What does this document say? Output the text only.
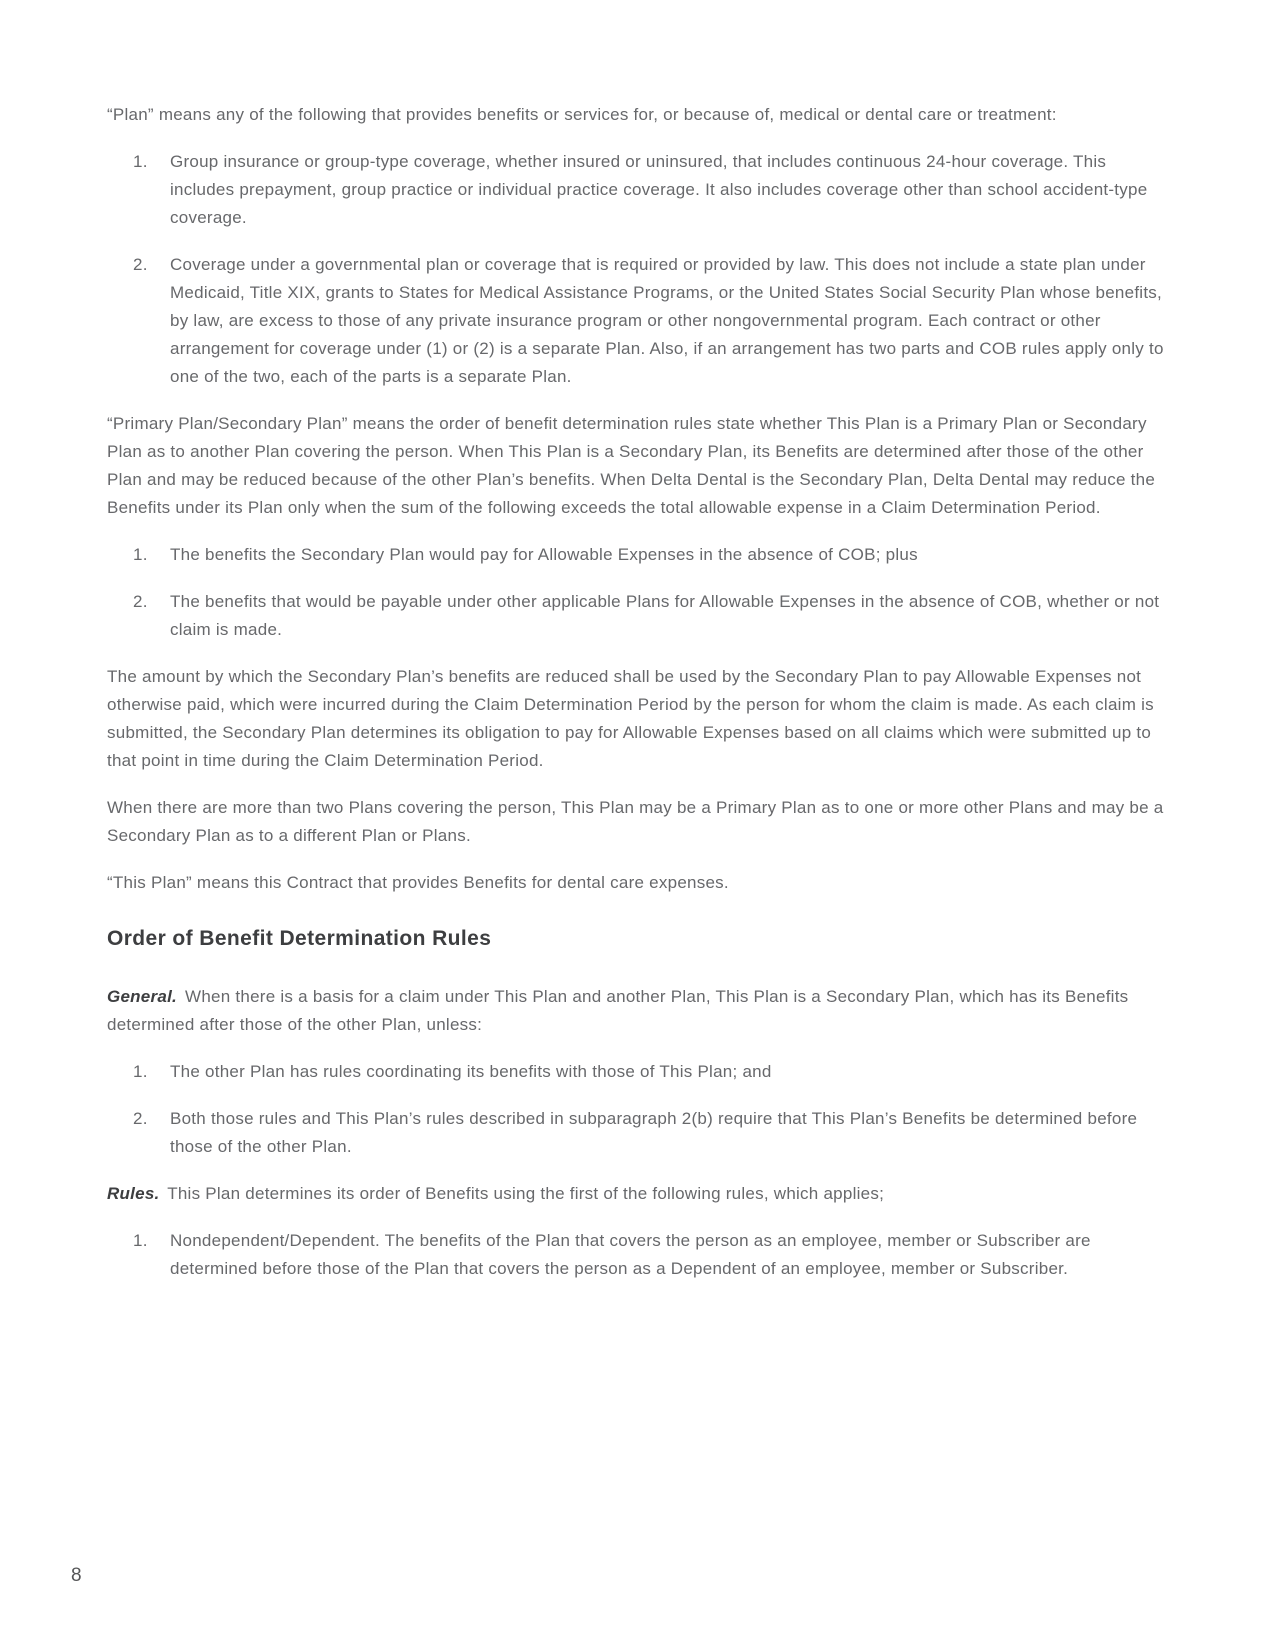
“Plan” means any of the following that provides benefits or services for, or because of, medical or dental care or treatment:

1.	Group insurance or group-type coverage, whether insured or uninsured, that includes continuous 24-hour coverage. This includes prepayment, group practice or individual practice coverage. It also includes coverage other than school accident-type coverage.
2.	Coverage under a governmental plan or coverage that is required or provided by law. This does not include a state plan under Medicaid, Title XIX, grants to States for Medical Assistance Programs, or the United States Social Security Plan whose benefits, by law, are excess to those of any private insurance program or other nongovernmental program. Each contract or other arrangement for coverage under (1) or (2) is a separate Plan. Also, if an arrangement has two parts and COB rules apply only to one of the two, each of the parts is a separate Plan.

“Primary Plan/Secondary Plan” means the order of benefit determination rules state whether This Plan is a Primary Plan or Secondary Plan as to another Plan covering the person. When This Plan is a Secondary Plan, its Benefits are determined after those of the other Plan and may be reduced because of the other Plan’s benefits. When Delta Dental is the Secondary Plan, Delta Dental may reduce the Benefits under its Plan only when the sum of the following exceeds the total allowable expense in a Claim Determination Period.

1.	The benefits the Secondary Plan would pay for Allowable Expenses in the absence of COB; plus
2.	The benefits that would be payable under other applicable Plans for Allowable Expenses in the absence of COB, whether or not claim is made.

The amount by which the Secondary Plan’s benefits are reduced shall be used by the Secondary Plan to pay Allowable Expenses not otherwise paid, which were incurred during the Claim Determination Period by the person for whom the claim is made. As each claim is submitted, the Secondary Plan determines its obligation to pay for Allowable Expenses based on all claims which were submitted up to that point in time during the Claim Determination Period.

When there are more than two Plans covering the person, This Plan may be a Primary Plan as to one or more other Plans and may be a Secondary Plan as to a different Plan or Plans.

“This Plan” means this Contract that provides Benefits for dental care expenses.

Order of Benefit Determination Rules

General. When there is a basis for a claim under This Plan and another Plan, This Plan is a Secondary Plan, which has its Benefits determined after those of the other Plan, unless:

1.	The other Plan has rules coordinating its benefits with those of This Plan; and
2.	Both those rules and This Plan’s rules described in subparagraph 2(b) require that This Plan’s Benefits be determined before those of the other Plan.

Rules. This Plan determines its order of Benefits using the first of the following rules, which applies;

1.	Nondependent/Dependent. The benefits of the Plan that covers the person as an employee, member or Subscriber are determined before those of the Plan that covers the person as a Dependent of an employee, member or Subscriber.
8
